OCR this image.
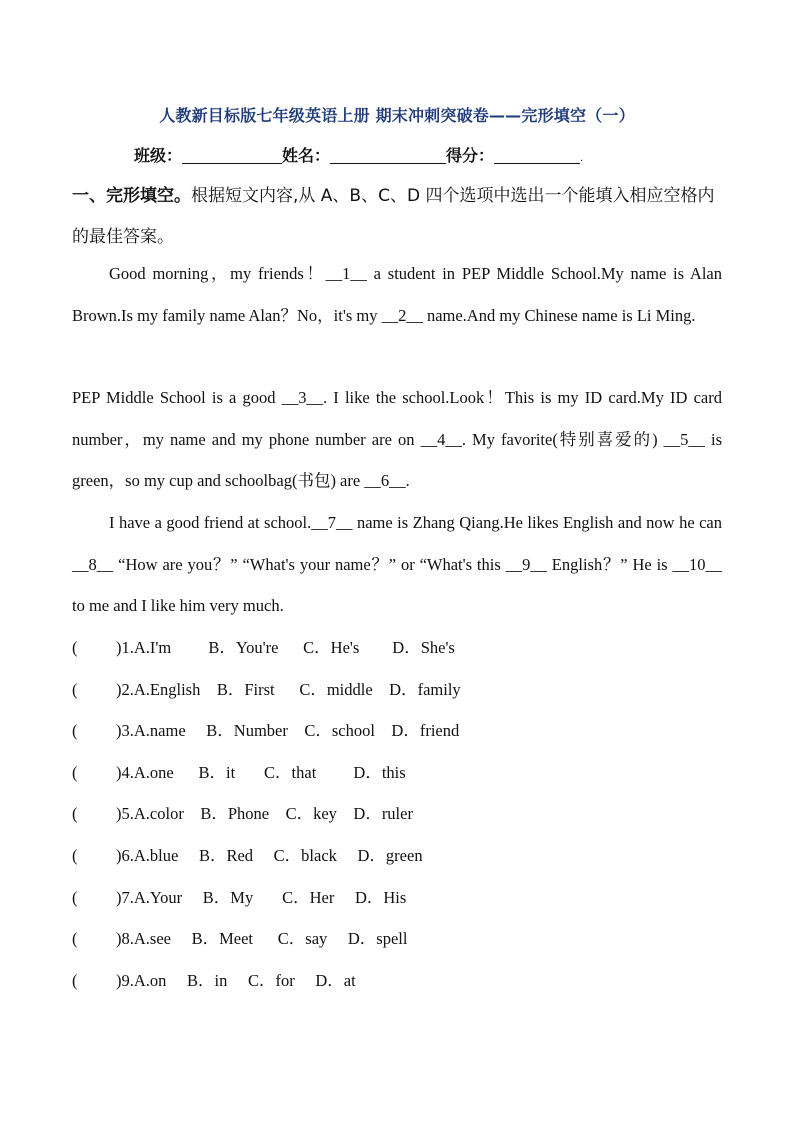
人教新目标版七年级英语上册 期末冲刺突破卷——完形填空（一）
班级：	姓名：	得分：	.
一、完形填空。根据短文内容,从 A、B、C、D 四个选项中选出一个能填入相应空格内的最佳答案。
Good morning，my friends！__1__ a student in PEP Middle School.My name is Alan Brown.Is my family name Alan？No，it's my __2__ name.And my Chinese name is Li Ming.
PEP Middle School is a good __3__. I like the school.Look！This is my ID card.My ID card number，my name and my phone number are on __4__. My favorite(特别喜爱的) __5__ is green，so my cup and schoolbag(书包) are __6__.
I have a good friend at school.__7__ name is Zhang Qiang.He likes English and now he can __8__ “How are you？” “What's your name？” or “What's this __9__ English？” He is __10__ to me and I like him very much.
( )1.A.I'm         B．You're      C．He's        D．She's
( )2.A.English    B．First      C．middle    D．family
( )3.A.name     B．Number    C．school    D．friend
( )4.A.one      B．it       C．that         D．this
( )5.A.color    B．Phone    C．key    D．ruler
( )6.A.blue     B．Red     C．black     D．green
( )7.A.Your     B．My       C．Her     D．His
( )8.A.see     B．Meet      C．say     D．spell
( )9.A.on     B．in     C．for     D．at
